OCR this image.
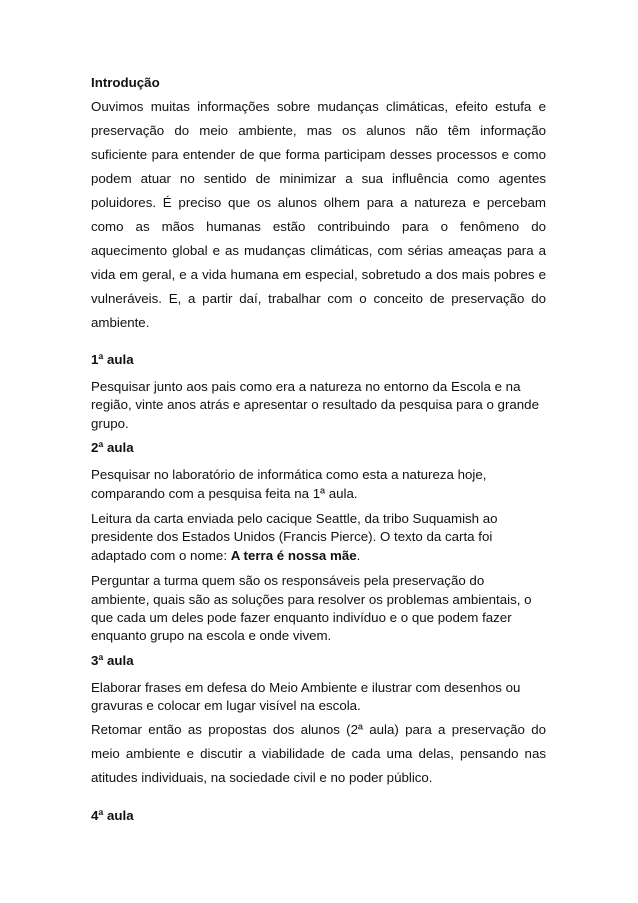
Introdução

Ouvimos muitas informações sobre mudanças climáticas, efeito estufa e preservação do meio ambiente, mas os alunos não têm informação suficiente para entender de que forma participam desses processos e como podem atuar no sentido de minimizar a sua influência como agentes poluidores. É preciso que os alunos olhem para a natureza e percebam como as mãos humanas estão contribuindo para o fenômeno do aquecimento global e as mudanças climáticas, com sérias ameaças para a vida em geral, e a vida humana em especial, sobretudo a dos mais pobres e vulneráveis. E, a partir daí, trabalhar com o conceito de preservação do ambiente.

1ª aula

Pesquisar junto aos pais como era a natureza no entorno da Escola e na região, vinte anos atrás e apresentar o resultado da pesquisa para o grande grupo.

2ª aula

Pesquisar no laboratório de informática como esta a natureza hoje, comparando com a pesquisa feita na 1ª aula.

Leitura da carta enviada pelo cacique Seattle, da tribo Suquamish ao presidente dos Estados Unidos (Francis Pierce). O texto da carta foi adaptado com o nome: A terra é nossa mãe.

Perguntar a turma quem são os responsáveis pela preservação do ambiente, quais são as soluções para resolver os problemas ambientais, o que cada um deles pode fazer enquanto indivíduo e o que podem fazer enquanto grupo na escola e onde vivem.

3ª aula

Elaborar frases em defesa do Meio Ambiente e ilustrar com desenhos ou gravuras e colocar em lugar visível na escola.

Retomar então as propostas dos alunos (2ª aula) para a preservação do meio ambiente e discutir a viabilidade de cada uma delas, pensando nas atitudes individuais, na sociedade civil e no poder público.

4ª aula
